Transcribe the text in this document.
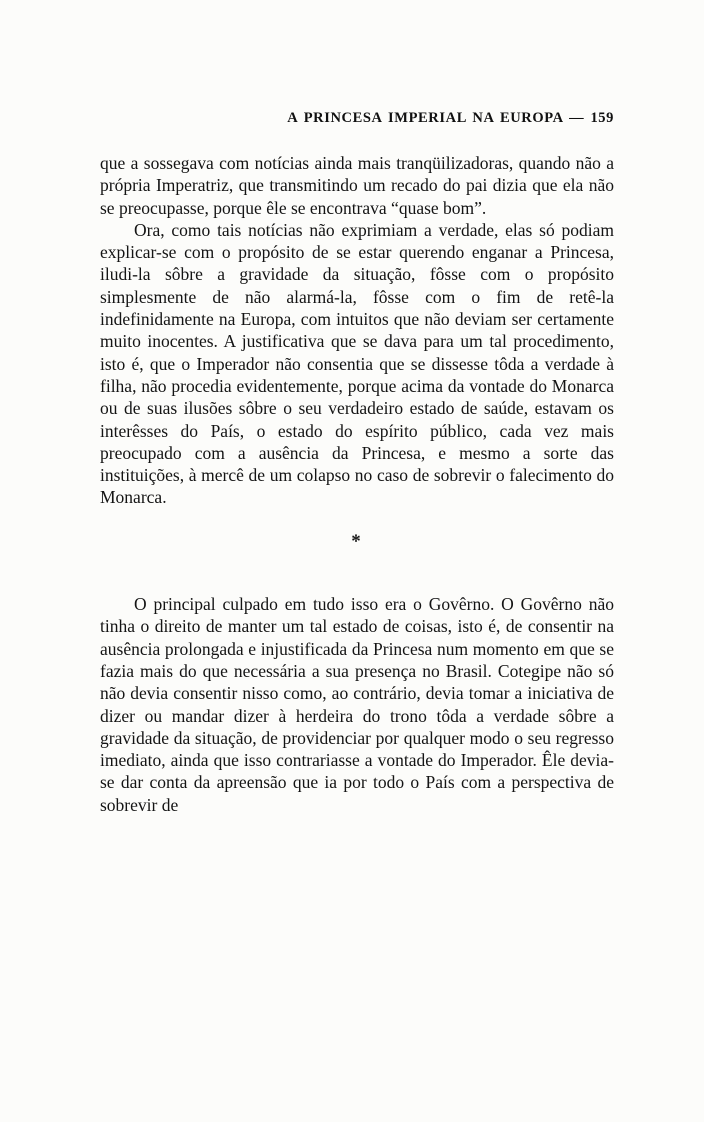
A PRINCESA IMPERIAL NA EUROPA — 159

que a sossegava com notícias ainda mais tranqüilizadoras, quando não a própria Imperatriz, que transmitindo um recado do pai dizia que ela não se preocupasse, porque êle se encontrava “quase bom”.

Ora, como tais notícias não exprimiam a verdade, elas só podiam explicar-se com o propósito de se estar querendo enganar a Princesa, iludi-la sôbre a gravidade da situação, fôsse com o propósito simplesmente de não alarmá-la, fôsse com o fim de retê-la indefinidamente na Europa, com intuitos que não deviam ser certamente muito inocentes. A justificativa que se dava para um tal procedimento, isto é, que o Imperador não consentia que se dissesse tôda a verdade à filha, não procedia evidentemente, porque acima da vontade do Monarca ou de suas ilusões sôbre o seu verdadeiro estado de saúde, estavam os interêsses do País, o estado do espírito público, cada vez mais preocupado com a ausência da Princesa, e mesmo a sorte das instituições, à mercê de um colapso no caso de sobrevir o falecimento do Monarca.

*

O principal culpado em tudo isso era o Govêrno. O Govêrno não tinha o direito de manter um tal estado de coisas, isto é, de consentir na ausência prolongada e injustificada da Princesa num momento em que se fazia mais do que necessária a sua presença no Brasil. Cotegipe não só não devia consentir nisso como, ao contrário, devia tomar a iniciativa de dizer ou mandar dizer à herdeira do trono tôda a verdade sôbre a gravidade da situação, de providenciar por qualquer modo o seu regresso imediato, ainda que isso contrariasse a vontade do Imperador. Êle devia-se dar conta da apreensão que ia por todo o País com a perspectiva de sobrevir de
